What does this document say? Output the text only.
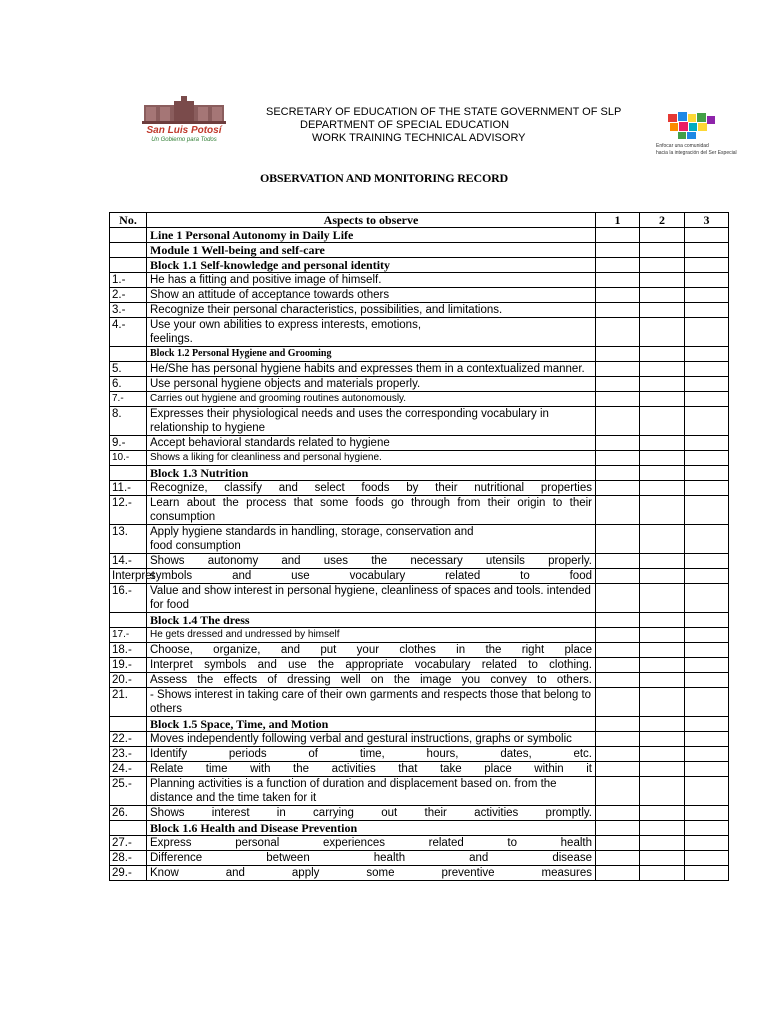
San Luis Potosí
Un Gobierno para Todos
Enfocar una comunidad
hacia la integración del Ser Especial
SECRETARY OF EDUCATION OF THE STATE GOVERNMENT OF SLP
DEPARTMENT OF SPECIAL EDUCATION
WORK TRAINING TECHNICAL ADVISORY
OBSERVATION AND MONITORING RECORD
No.	Aspects to observe	1	2	3
	Line 1 Personal Autonomy in Daily Life			
	Module 1 Well-being and self-care			
	Block 1.1 Self-knowledge and personal identity			
1.-	He has a fitting and positive image of himself.			
2.-	Show an attitude of acceptance towards others			
3.-	Recognize their personal characteristics, possibilities, and limitations.			
4.-	Use your own abilities to express interests, emotions,
feelings.			
	Block 1.2 Personal Hygiene and Grooming			
5.	He/She has personal hygiene habits and expresses them in a contextualized manner.			
6.	Use personal hygiene objects and materials properly.			
7.-	Carries out hygiene and grooming routines autonomously.			
8.	Expresses their physiological needs and uses the corresponding vocabulary in relationship to hygiene			
9.-	Accept behavioral standards related to hygiene			
10.-	Shows a liking for cleanliness and personal hygiene.			
	Block 1.3 Nutrition			
11.-	Recognize, classify and select foods by their nutritional properties			
12.-	Learn about the process that some foods go through from their origin to their consumption			
13.	Apply hygiene standards in handling, storage, conservation and
food consumption			
14.-	Shows autonomy and uses the necessary utensils properly.			
Interpret	symbols and use vocabulary related to food			
16.-	Value and show interest in personal hygiene, cleanliness of spaces and tools. intended for food			
	Block 1.4 The dress			
17.-	He gets dressed and undressed by himself			
18.-	Choose, organize, and put your clothes in the right place			
19.-	Interpret symbols and use the appropriate vocabulary related to clothing.			
20.-	Assess the effects of dressing well on the image you convey to others.			
21.	- Shows interest in taking care of their own garments and respects those that belong to others			
	Block 1.5 Space, Time, and Motion			
22.-	Moves independently following verbal and gestural instructions, graphs or symbolic			
23.-	Identify periods of time, hours, dates, etc.			
24.-	Relate time with the activities that take place within it			
25.-	Planning activities is a function of duration and displacement based on. from the distance and the time taken for it			
26.	Shows interest in carrying out their activities promptly.			
	Block 1.6 Health and Disease Prevention			
27.-	Express personal experiences related to health			
28.-	Difference between health and disease			
29.-	Know and apply some preventive measures			
